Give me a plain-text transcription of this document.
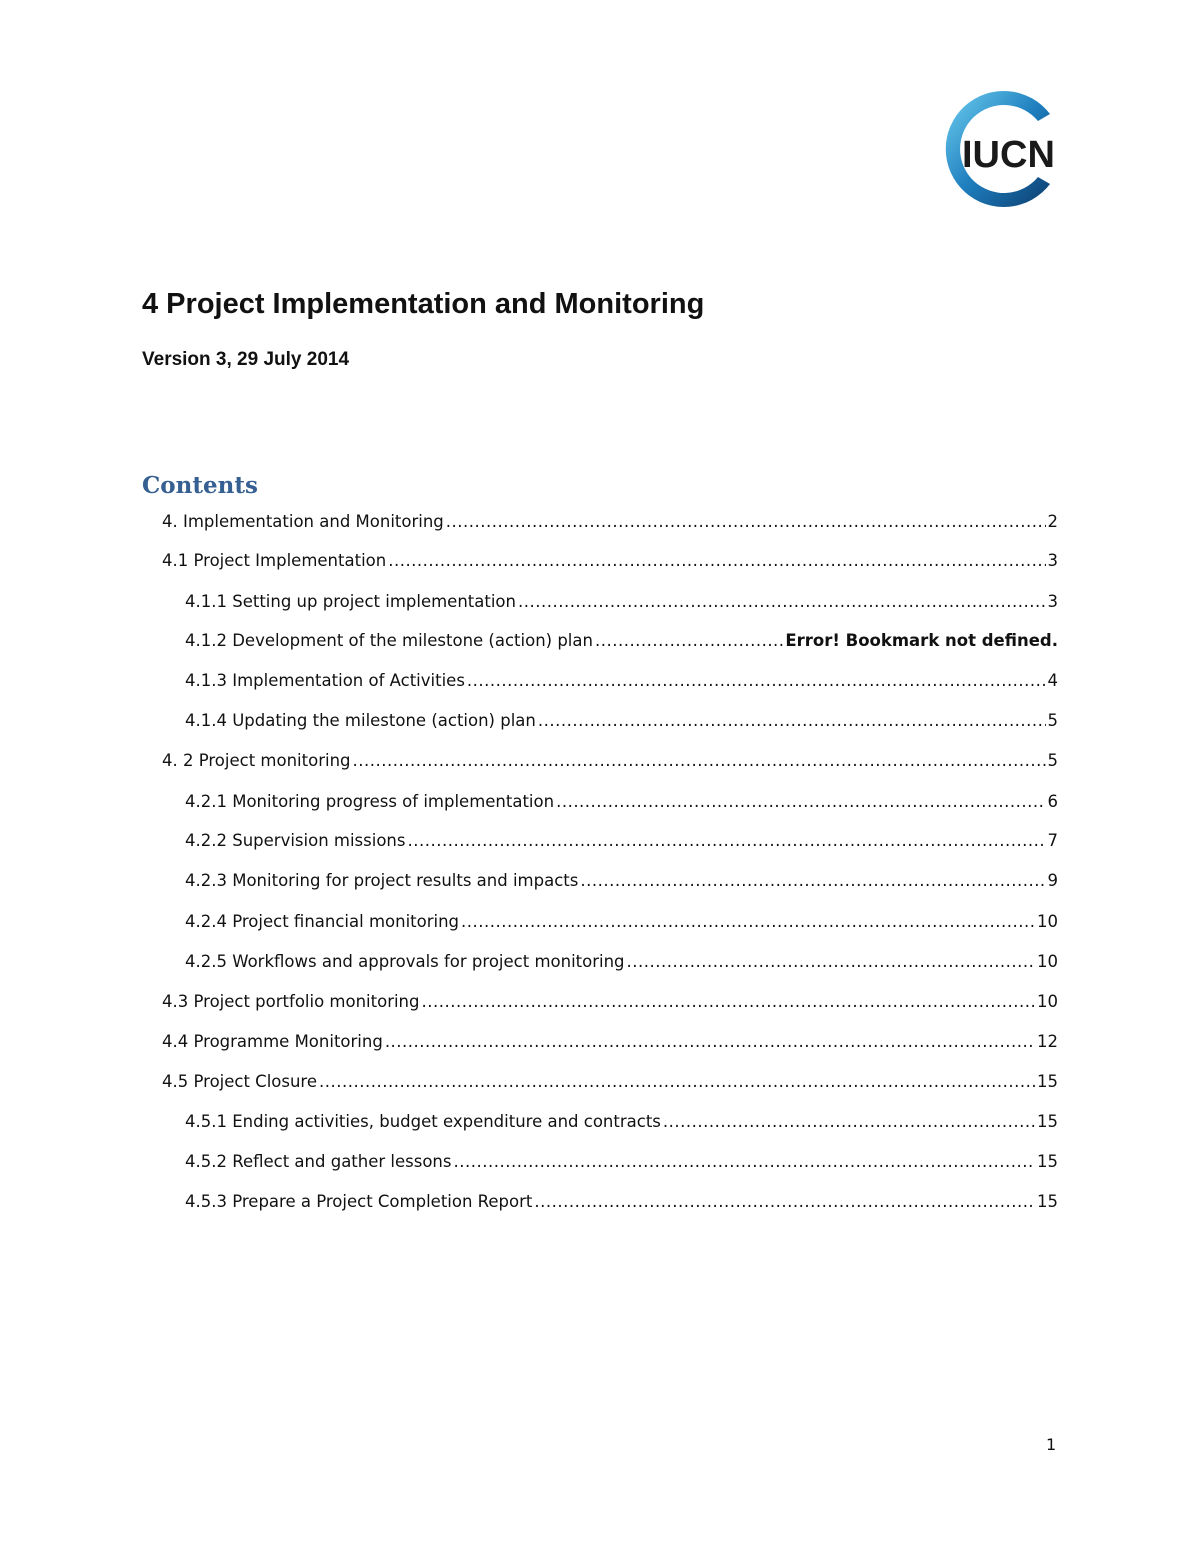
IUCN
4 Project Implementation and Monitoring
Version 3, 29 July 2014
Contents
4. Implementation and Monitoring .....	2
4.1 Project Implementation .....	3
4.1.1 Setting up project implementation .....	3
4.1.2 Development of the milestone (action) plan .....	Error! Bookmark not defined.
4.1.3 Implementation of Activities .....	4
4.1.4 Updating the milestone (action) plan .....	5
4. 2 Project monitoring .....	5
4.2.1 Monitoring progress of implementation .....	6
4.2.2 Supervision missions .....	7
4.2.3 Monitoring for project results and impacts .....	9
4.2.4 Project financial monitoring .....	10
4.2.5 Workflows and approvals for project monitoring .....	10
4.3 Project portfolio monitoring .....	10
4.4 Programme Monitoring .....	12
4.5 Project Closure .....	15
4.5.1 Ending activities, budget expenditure and contracts .....	15
4.5.2 Reflect and gather lessons .....	15
4.5.3 Prepare a Project Completion Report .....	15
1
